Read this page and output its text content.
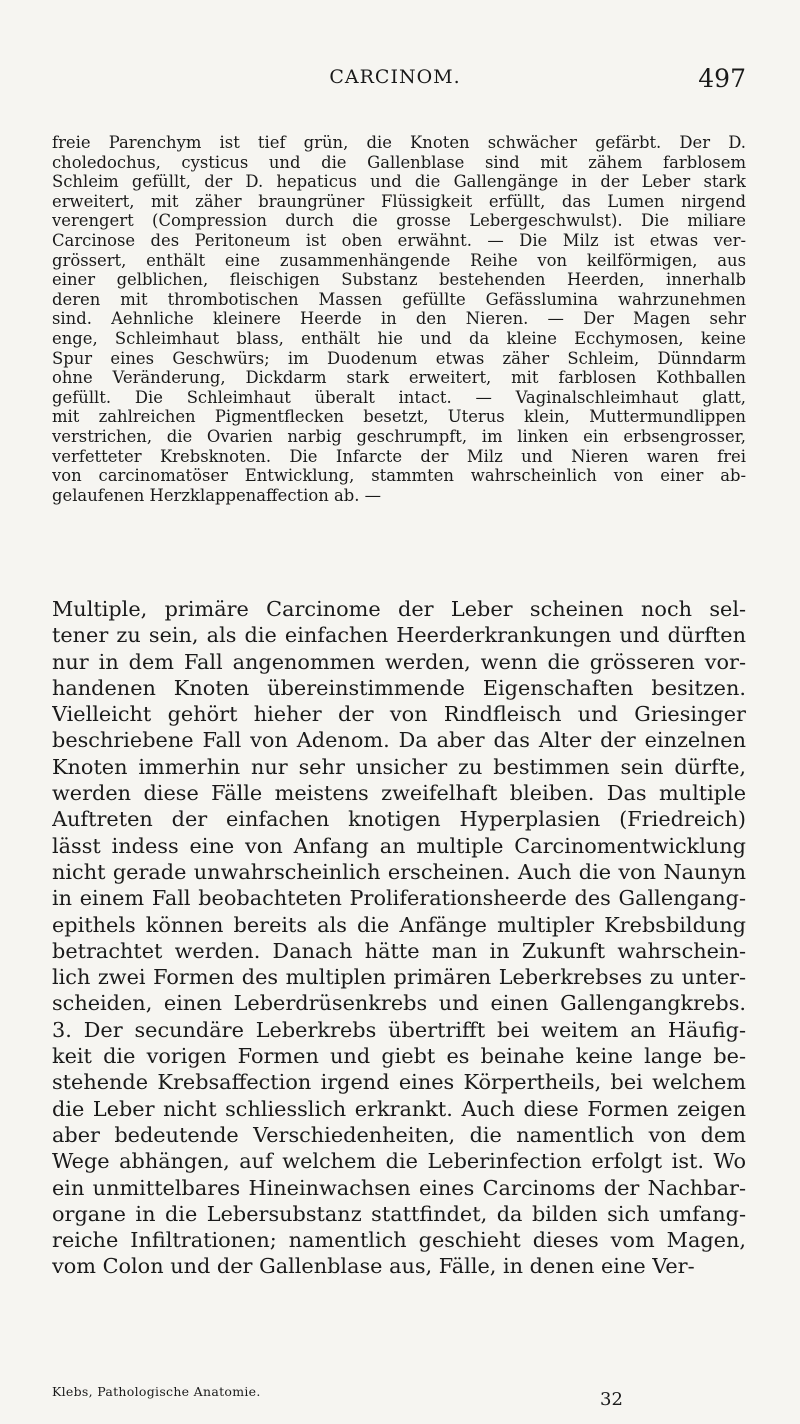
CARCINOM.	497
freie Parenchym ist tief grün, die Knoten schwächer gefärbt. Der D.
choledochus, cysticus und die Gallenblase sind mit zähem farblosem
Schleim gefüllt, der D. hepaticus und die Gallengänge in der Leber stark
erweitert, mit zäher braungrüner Flüssigkeit erfüllt, das Lumen nirgend
verengert (Compression durch die grosse Lebergeschwulst). Die miliare
Carcinose des Peritoneum ist oben erwähnt. — Die Milz ist etwas ver-
grössert, enthält eine zusammenhängende Reihe von keilförmigen, aus
einer gelblichen, fleischigen Substanz bestehenden Heerden, innerhalb
deren mit thrombotischen Massen gefüllte Gefässlumina wahrzunehmen
sind. Aehnliche kleinere Heerde in den Nieren. — Der Magen sehr
enge, Schleimhaut blass, enthält hie und da kleine Ecchymosen, keine
Spur eines Geschwürs; im Duodenum etwas zäher Schleim, Dünndarm
ohne Veränderung, Dickdarm stark erweitert, mit farblosen Kothballen
gefüllt. Die Schleimhaut überalt intact. — Vaginalschleimhaut glatt,
mit zahlreichen Pigmentflecken besetzt, Uterus klein, Muttermundlippen
verstrichen, die Ovarien narbig geschrumpft, im linken ein erbsengrosser,
verfetteter Krebsknoten. Die Infarcte der Milz und Nieren waren frei
von carcinomatöser Entwicklung, stammten wahrscheinlich von einer ab-
gelaufenen Herzklappenaffection ab. —
Multiple, primäre Carcinome der Leber scheinen noch sel-
tener zu sein, als die einfachen Heerderkrankungen und dürften
nur in dem Fall angenommen werden, wenn die grösseren vor-
handenen Knoten übereinstimmende Eigenschaften besitzen.
Vielleicht gehört hieher der von Rindfleisch und Griesinger
beschriebene Fall von Adenom. Da aber das Alter der einzelnen
Knoten immerhin nur sehr unsicher zu bestimmen sein dürfte,
werden diese Fälle meistens zweifelhaft bleiben. Das multiple
Auftreten der einfachen knotigen Hyperplasien (Friedreich)
lässt indess eine von Anfang an multiple Carcinomentwicklung
nicht gerade unwahrscheinlich erscheinen. Auch die von Naunyn
in einem Fall beobachteten Proliferationsheerde des Gallengang-
epithels können bereits als die Anfänge multipler Krebsbildung
betrachtet werden. Danach hätte man in Zukunft wahrschein-
lich zwei Formen des multiplen primären Leberkrebses zu unter-
scheiden, einen Leberdrüsenkrebs und einen Gallengangkrebs.
3. Der secundäre Leberkrebs übertrifft bei weitem an Häufig-
keit die vorigen Formen und giebt es beinahe keine lange be-
stehende Krebsaffection irgend eines Körpertheils, bei welchem
die Leber nicht schliesslich erkrankt. Auch diese Formen zeigen
aber bedeutende Verschiedenheiten, die namentlich von dem
Wege abhängen, auf welchem die Leberinfection erfolgt ist. Wo
ein unmittelbares Hineinwachsen eines Carcinoms der Nachbar-
organe in die Lebersubstanz stattfindet, da bilden sich umfang-
reiche Infiltrationen; namentlich geschieht dieses vom Magen,
vom Colon und der Gallenblase aus, Fälle, in denen eine Ver-
Klebs, Pathologische Anatomie.	32
